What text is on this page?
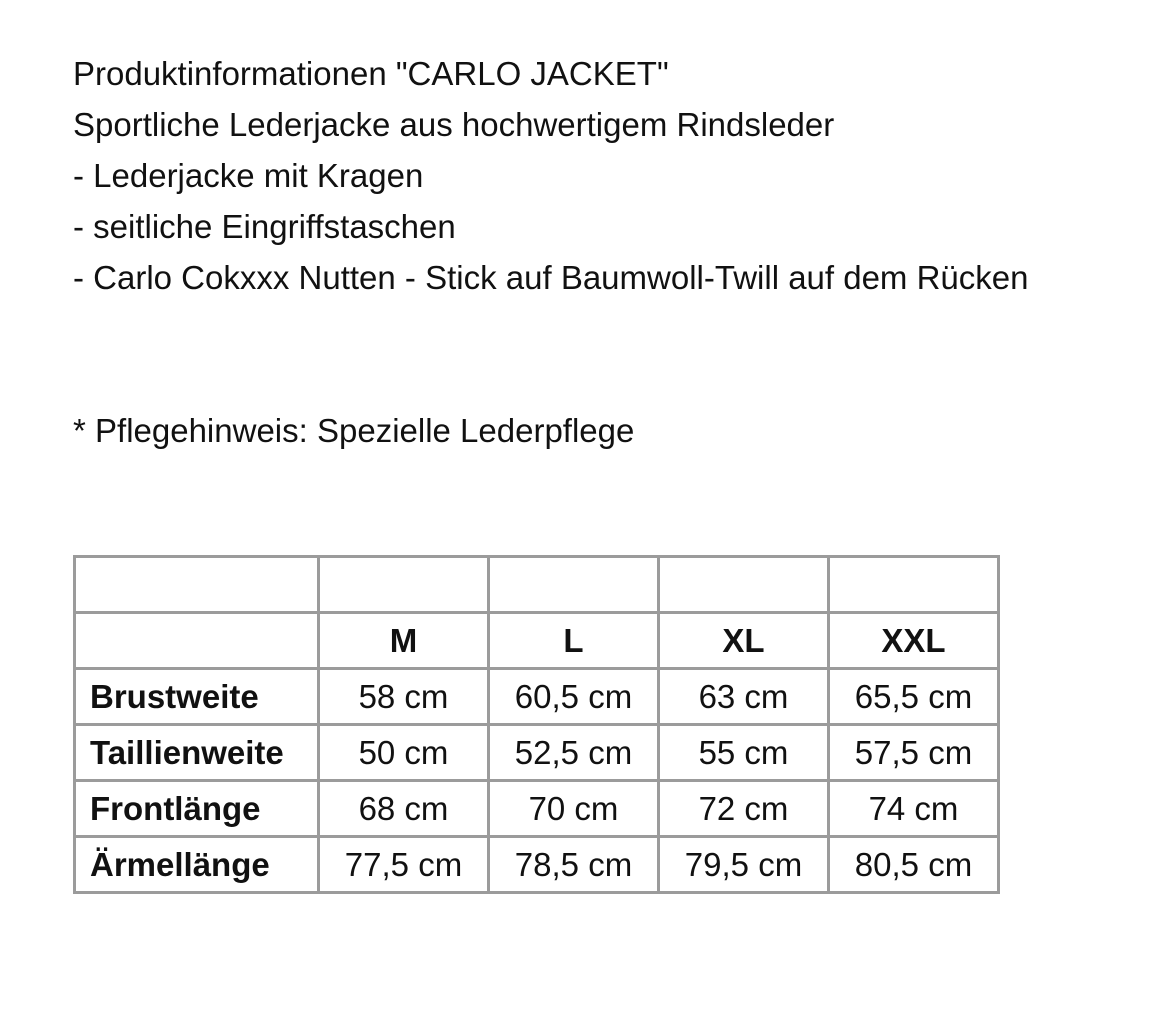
Produktinformationen "CARLO JACKET"

Sportliche Lederjacke aus hochwertigem Rindsleder

- Lederjacke mit Kragen

- seitliche Eingriffstaschen

- Carlo Cokxxx Nutten - Stick auf Baumwoll-Twill auf dem Rücken

* Pflegehinweis: Spezielle Lederpflege

	M	L	XL	XXL
Brustweite	58 cm	60,5 cm	63 cm	65,5 cm
Taillienweite	50 cm	52,5 cm	55 cm	57,5 cm
Frontlänge	68 cm	70 cm	72 cm	74 cm
Ärmellänge	77,5 cm	78,5 cm	79,5 cm	80,5 cm
